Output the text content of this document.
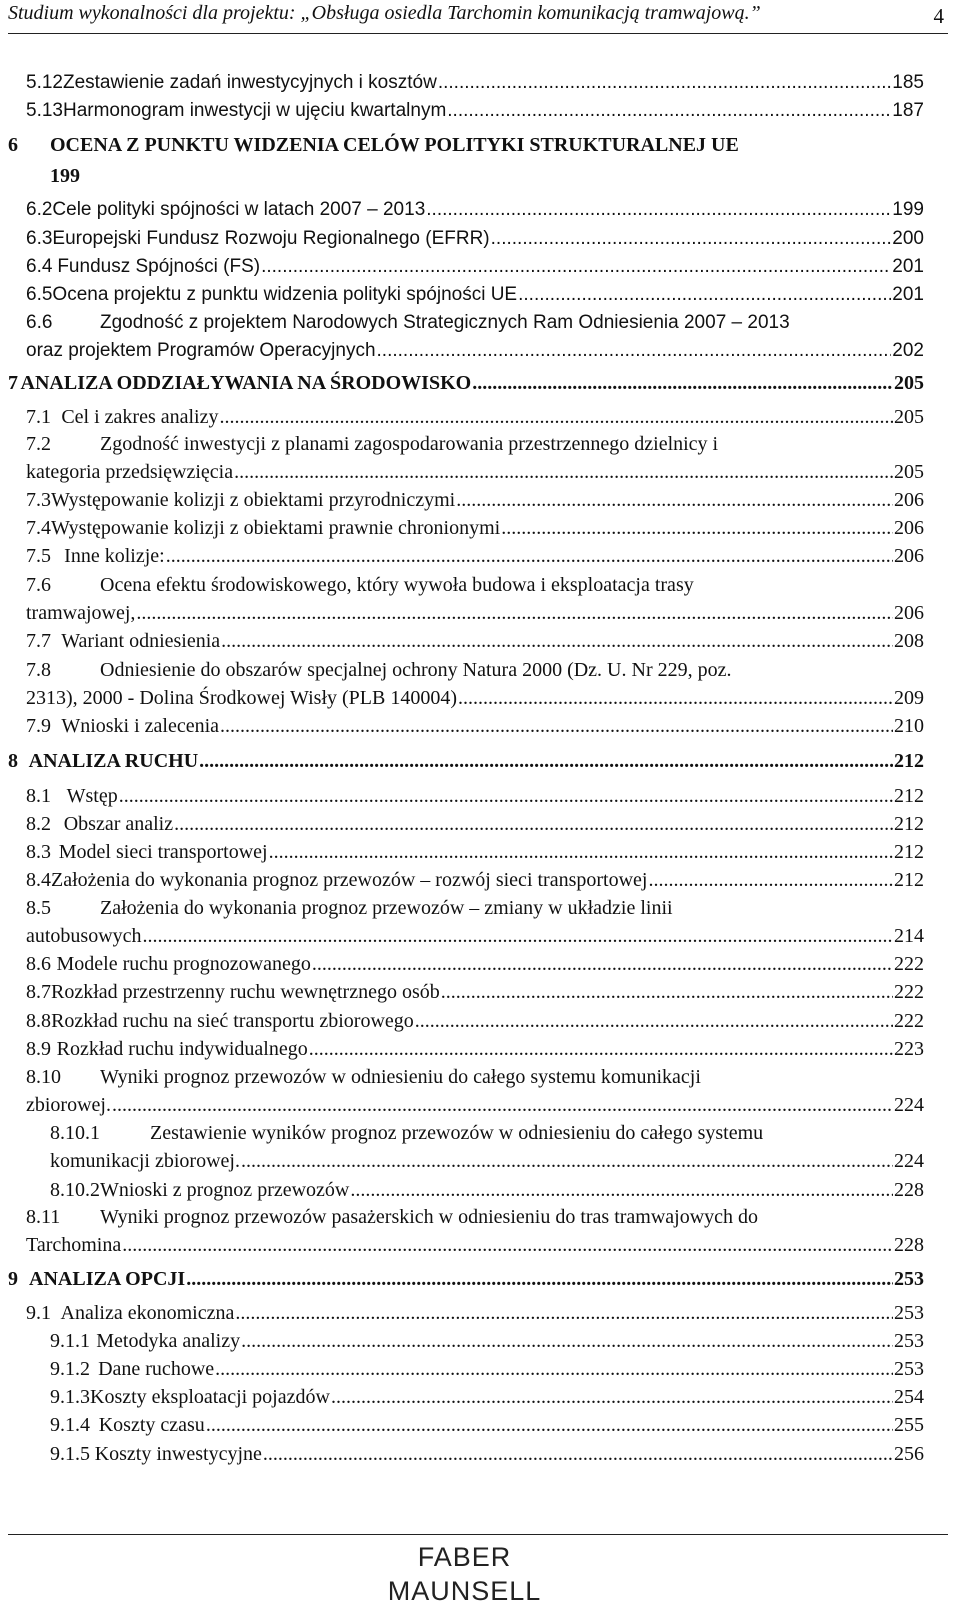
Studium wykonalności dla projektu: „Obsługa osiedla Tarchomin komunikacją tramwajową.”	4
5.12 Zestawienie zadań inwestycyjnych i kosztów .....	185
5.13 Harmonogram inwestycji w ujęciu kwartalnym .....	187
6	OCENA Z PUNKTU WIDZENIA CELÓW POLITYKI STRUKTURALNEJ UE
199
6.2 Cele polityki spójności w latach 2007 – 2013 .....	199
6.3 Europejski Fundusz Rozwoju Regionalnego (EFRR) .....	200
6.4 Fundusz Spójności (FS) .....	201
6.5 Ocena projektu z punktu widzenia polityki spójności UE .....	201
6.6	Zgodność z projektem Narodowych Strategicznych Ram Odniesienia 2007 – 2013
oraz projektem Programów Operacyjnych .....	202
7 ANALIZA ODDZIAŁYWANIA NA ŚRODOWISKO .....	205
7.1 Cel i zakres analizy .....	205
7.2	Zgodność inwestycji z planami zagospodarowania przestrzennego dzielnicy i
kategoria przedsięwzięcia .....	205
7.3 Występowanie kolizji z obiektami przyrodniczymi .....	206
7.4 Występowanie kolizji z obiektami prawnie chronionymi .....	206
7.5 Inne kolizje: .....	206
7.6	Ocena efektu środowiskowego, który wywoła budowa i eksploatacja trasy
tramwajowej, .....	206
7.7 Wariant odniesienia .....	208
7.8	Odniesienie do obszarów specjalnej ochrony Natura 2000 (Dz. U. Nr 229, poz.
2313), 2000 - Dolina Środkowej Wisły (PLB 140004) .....	209
7.9 Wnioski i zalecenia .....	210
8 ANALIZA RUCHU .....	212
8.1 Wstęp .....	212
8.2 Obszar analiz .....	212
8.3 Model sieci transportowej .....	212
8.4 Założenia do wykonania prognoz przewozów – rozwój sieci transportowej .....	212
8.5	Założenia do wykonania prognoz przewozów – zmiany w układzie linii
autobusowych .....	214
8.6 Modele ruchu prognozowanego .....	222
8.7 Rozkład przestrzenny ruchu wewnętrznego osób .....	222
8.8 Rozkład ruchu na sieć transportu zbiorowego .....	222
8.9 Rozkład ruchu indywidualnego .....	223
8.10	Wyniki prognoz przewozów w odniesieniu do całego systemu komunikacji
zbiorowej. .....	224
8.10.1	Zestawienie wyników prognoz przewozów w odniesieniu do całego systemu
komunikacji zbiorowej. .....	224
8.10.2 Wnioski z prognoz przewozów .....	228
8.11	Wyniki prognoz przewozów pasażerskich w odniesieniu do tras tramwajowych do
Tarchomina .....	228
9 ANALIZA OPCJI .....	253
9.1 Analiza ekonomiczna .....	253
9.1.1 Metodyka analizy .....	253
9.1.2 Dane ruchowe .....	253
9.1.3 Koszty eksploatacji pojazdów .....	254
9.1.4 Koszty czasu .....	255
9.1.5 Koszty inwestycyjne .....	256
FABER MAUNSELL
